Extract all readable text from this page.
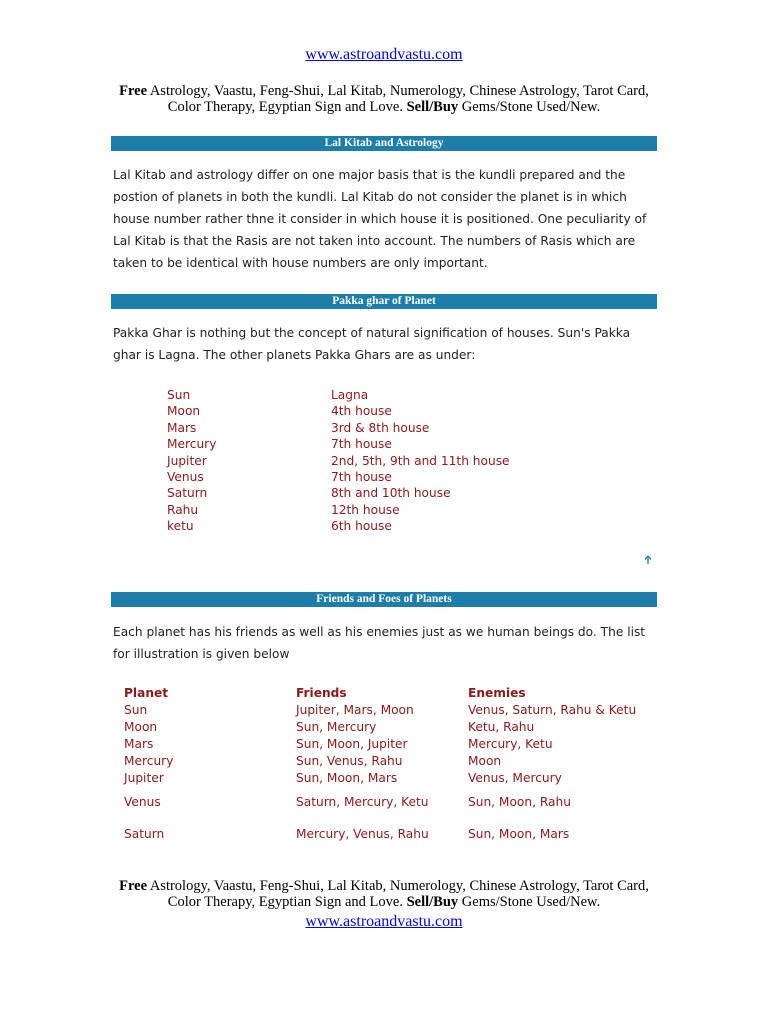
www.astroandvastu.com
Free Astrology, Vaastu, Feng-Shui, Lal Kitab, Numerology, Chinese Astrology, Tarot Card, Color Therapy, Egyptian Sign and Love. Sell/Buy Gems/Stone Used/New.
Lal Kitab and Astrology
Lal Kitab and astrology differ on one major basis that is the kundli prepared and the postion of planets in both the kundli. Lal Kitab do not consider the planet is in which house number rather thne it consider in which house it is positioned. One peculiarity of Lal Kitab is that the Rasis are not taken into account. The numbers of Rasis which are taken to be identical with house numbers are only important.
Pakka ghar of Planet
Pakka Ghar is nothing but the concept of natural signification of houses. Sun's Pakka ghar is Lagna. The other planets Pakka Ghars are as under:
Sun	Lagna
Moon	4th house
Mars	3rd & 8th house
Mercury	7th house
Jupiter	2nd, 5th, 9th and 11th house
Venus	7th house
Saturn	8th and 10th house
Rahu	12th house
ketu	6th house
Friends and Foes of Planets
Each planet has his friends as well as his enemies just as we human beings do. The list for illustration is given below
Planet	Friends	Enemies
Sun	Jupiter, Mars, Moon	Venus, Saturn, Rahu & Ketu
Moon	Sun, Mercury	Ketu, Rahu
Mars	Sun, Moon, Jupiter	Mercury, Ketu
Mercury	Sun, Venus, Rahu	Moon
Jupiter	Sun, Moon, Mars	Venus, Mercury
Venus	Saturn, Mercury, Ketu	Sun, Moon, Rahu
Saturn	Mercury, Venus, Rahu	Sun, Moon, Mars
Free Astrology, Vaastu, Feng-Shui, Lal Kitab, Numerology, Chinese Astrology, Tarot Card, Color Therapy, Egyptian Sign and Love. Sell/Buy Gems/Stone Used/New.
www.astroandvastu.com
